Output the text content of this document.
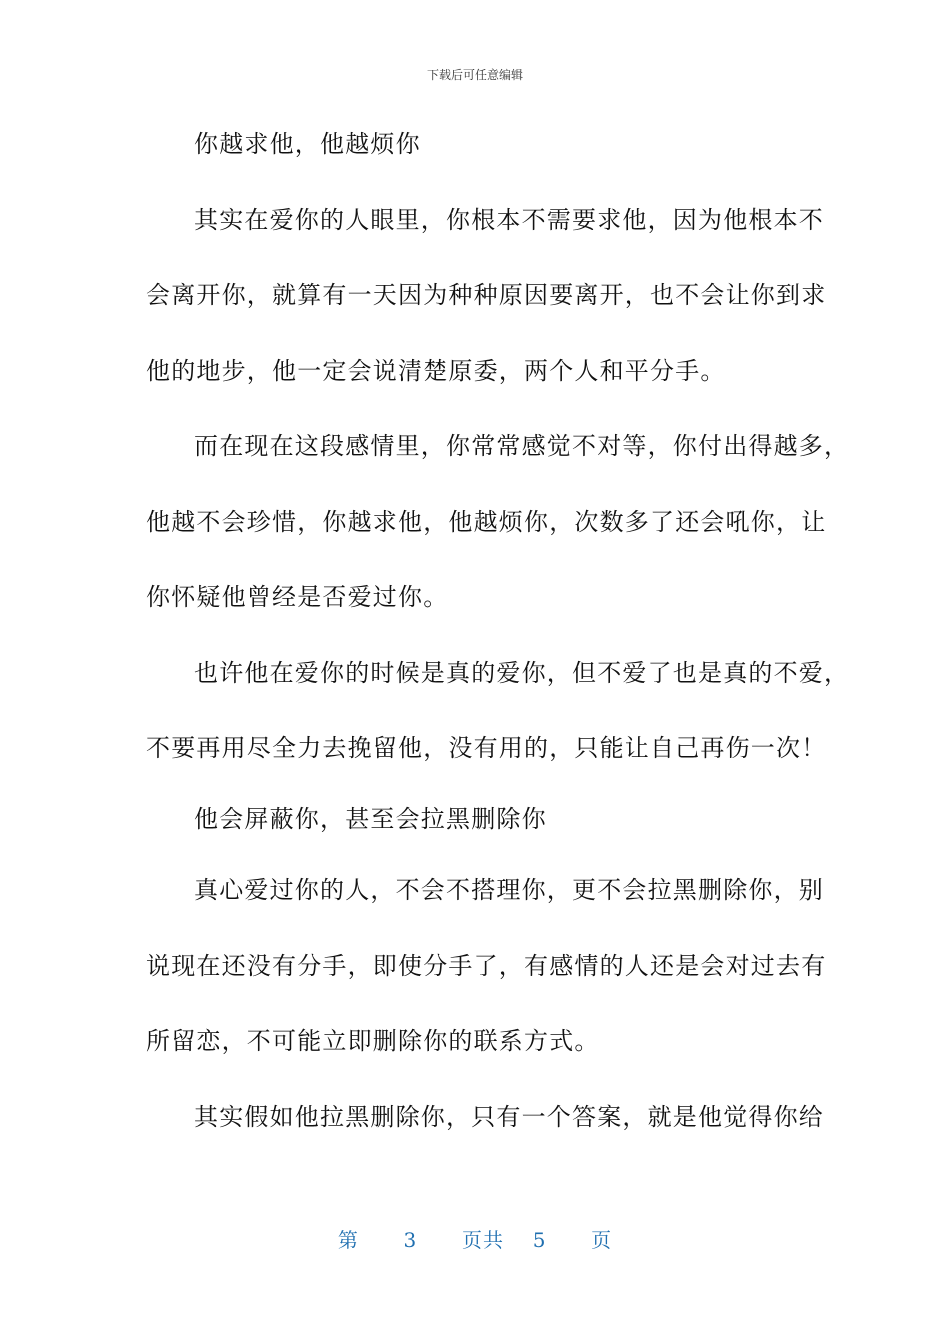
下载后可任意编辑
你越求他，他越烦你
其实在爱你的人眼里，你根本不需要求他，因为他根本不
会离开你，就算有一天因为种种原因要离开，也不会让你到求
他的地步，他一定会说清楚原委，两个人和平分手。
而在现在这段感情里，你常常感觉不对等，你付出得越多，
他越不会珍惜，你越求他，他越烦你，次数多了还会吼你，让
你怀疑他曾经是否爱过你。
也许他在爱你的时候是真的爱你，但不爱了也是真的不爱，
不要再用尽全力去挽留他，没有用的，只能让自己再伤一次！
他会屏蔽你，甚至会拉黑删除你
真心爱过你的人，不会不搭理你，更不会拉黑删除你，别
说现在还没有分手，即使分手了，有感情的人还是会对过去有
所留恋，不可能立即删除你的联系方式。
其实假如他拉黑删除你，只有一个答案，就是他觉得你给
第 3 页共 5 页
